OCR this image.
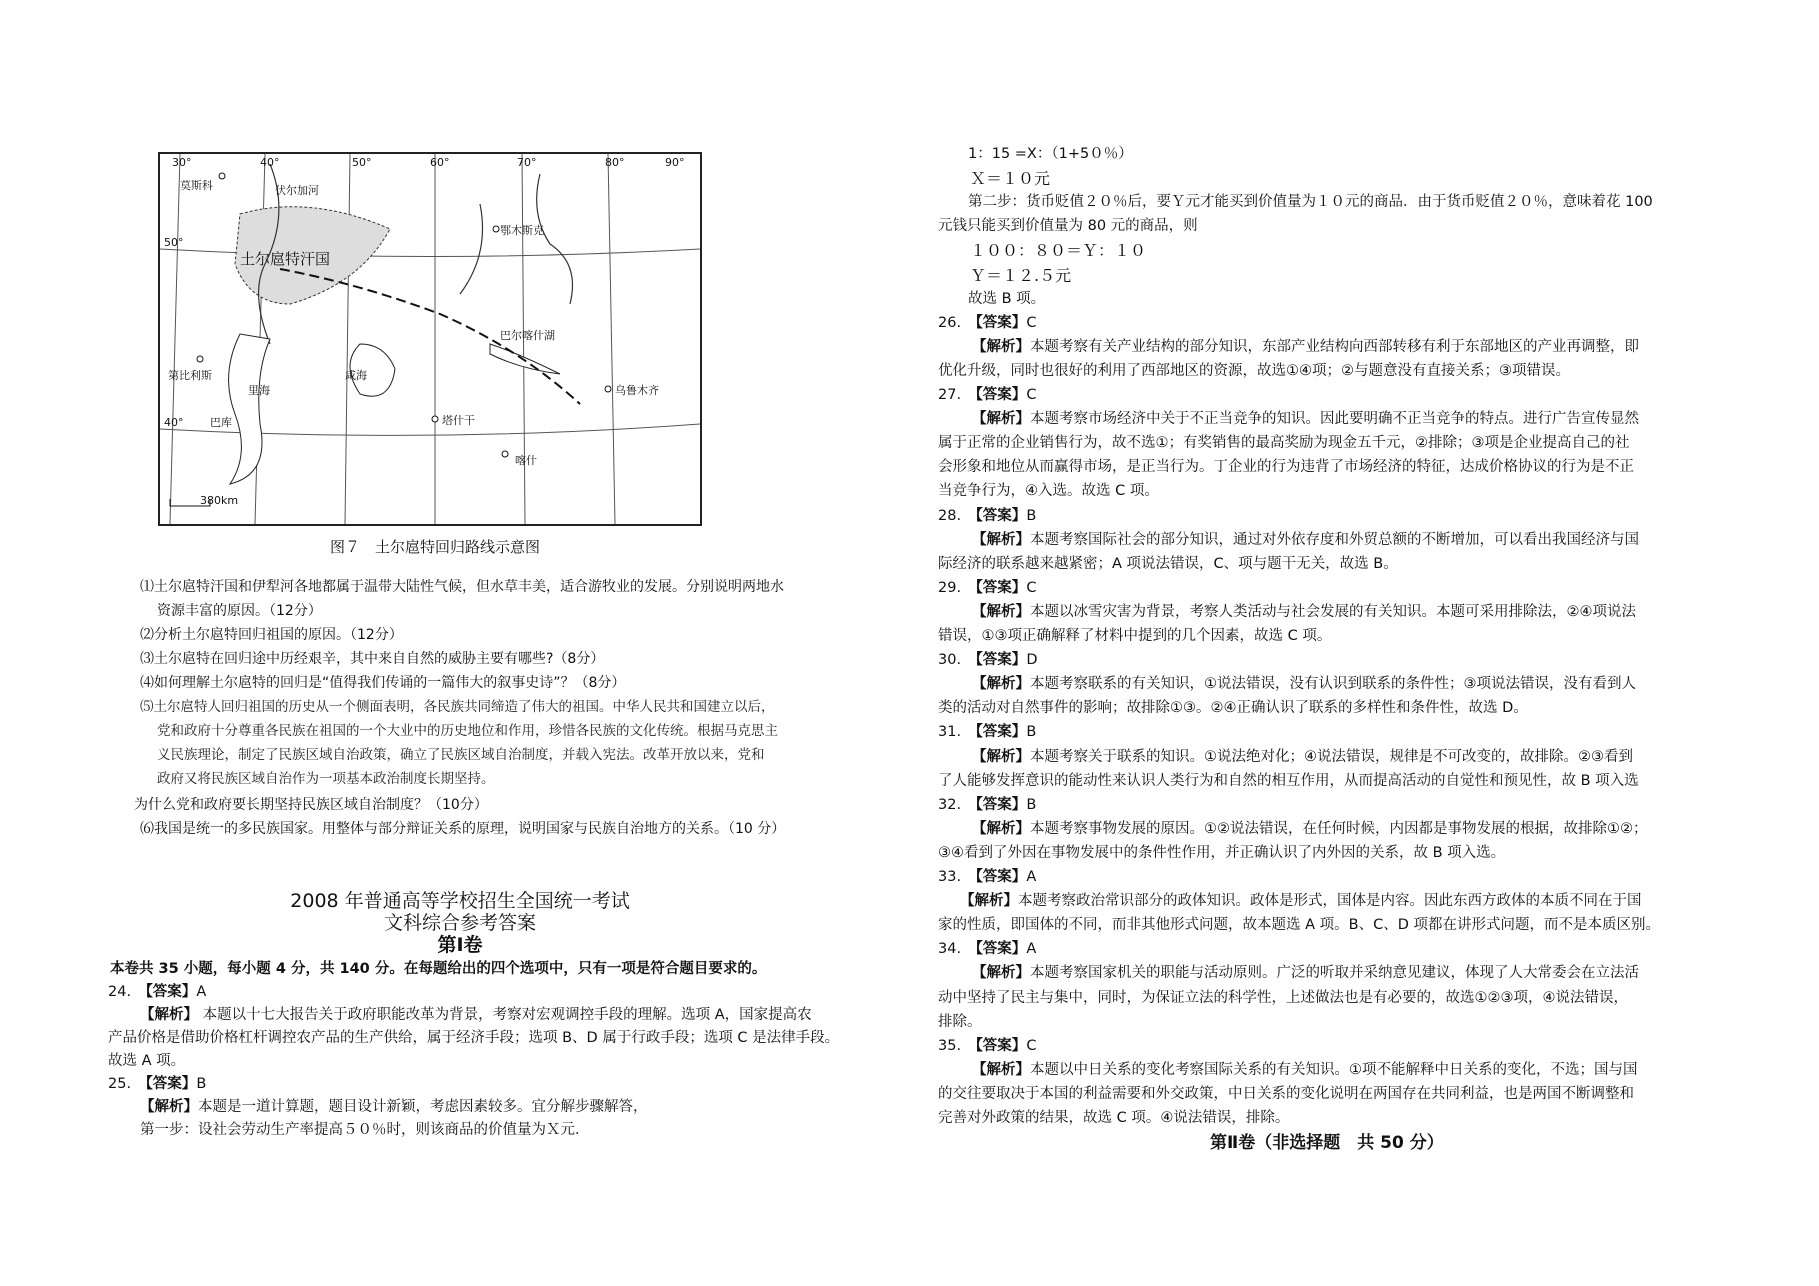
30°	40°	50°	60°	70°	80°	90°
50°
40°
伏尔加河
莫斯科
土尔扈特汗国
鄂木斯克
第比利斯
巴库
里海
咸海
巴尔喀什湖
乌鲁木齐
塔什干
喀什
380km
图７　土尔扈特回归路线示意图
⑴土尔扈特汗国和伊犁河各地都属于温带大陆性气候，但水草丰美，适合游牧业的发展。分别说明两地水
资源丰富的原因。（12分）
⑵分析土尔扈特回归祖国的原因。（12分）
⑶土尔扈特在回归途中历经艰辛，其中来自自然的威胁主要有哪些?（8分）
⑷如何理解土尔扈特的回归是“值得我们传诵的一篇伟大的叙事史诗”？（8分）
⑸土尔扈特人回归祖国的历史从一个侧面表明，各民族共同缔造了伟大的祖国。中华人民共和国建立以后，
党和政府十分尊重各民族在祖国的一个大业中的历史地位和作用，珍惜各民族的文化传统。根据马克思主
义民族理论，制定了民族区域自治政策，确立了民族区域自治制度，并载入宪法。改革开放以来，党和
政府又将民族区域自治作为一项基本政治制度长期坚持。
为什么党和政府要长期坚持民族区域自治制度？（10分）
⑹我国是统一的多民族国家。用整体与部分辩证关系的原理，说明国家与民族自治地方的关系。（10 分）
2008 年普通高等学校招生全国统一考试
文科综合参考答案
第Ⅰ卷
本卷共 35 小题，每小题 4 分，共 140 分。在每题给出的四个选项中，只有一项是符合题目要求的。
24.　 【答案】A
【解析】 本题以十七大报告关于政府职能改革为背景，考察对宏观调控手段的理解。选项 A，国家提高农
产品价格是借助价格杠杆调控农产品的生产供给，属于经济手段；选项 B、D 属于行政手段；选项 C 是法律手段。
故选 A 项。
25.　 【答案】B
【解析】本题是一道计算题，题目设计新颖，考虑因素较多。宜分解步骤解答，
第一步：设社会劳动生产率提高５０％时，则该商品的价值量为Ｘ元．
1：15 =X：（1+5０％）
Ｘ＝１０元
第二步：货币贬值２０％后，要Ｙ元才能买到价值量为１０元的商品．由于货币贬值２０％，意味着花 100
元钱只能买到价值量为 80 元的商品，则
１００：８０＝Ｙ：１０
Ｙ＝１２.５元
故选 B 项。
26.　 【答案】C
【解析】本题考察有关产业结构的部分知识，东部产业结构向西部转移有利于东部地区的产业再调整，即
优化升级，同时也很好的利用了西部地区的资源，故选①④项；②与题意没有直接关系；③项错误。
27.　 【答案】C
【解析】本题考察市场经济中关于不正当竞争的知识。因此要明确不正当竞争的特点。进行广告宣传显然
属于正常的企业销售行为，故不选①；有奖销售的最高奖励为现金五千元，②排除；③项是企业提高自己的社
会形象和地位从而赢得市场，是正当行为。丁企业的行为违背了市场经济的特征，达成价格协议的行为是不正
当竞争行为，④入选。故选 C 项。
28.　 【答案】B
【解析】本题考察国际社会的部分知识，通过对外依存度和外贸总额的不断增加，可以看出我国经济与国
际经济的联系越来越紧密；A 项说法错误，C、项与题干无关，故选 B。
29.　 【答案】C
【解析】本题以冰雪灾害为背景，考察人类活动与社会发展的有关知识。本题可采用排除法，②④项说法
错误，①③项正确解释了材料中提到的几个因素，故选 C 项。
30.　 【答案】D
【解析】本题考察联系的有关知识，①说法错误，没有认识到联系的条件性；③项说法错误，没有看到人
类的活动对自然事件的影响；故排除①③。②④正确认识了联系的多样性和条件性，故选 D。
31.　 【答案】B
【解析】本题考察关于联系的知识。①说法绝对化；④说法错误，规律是不可改变的，故排除。②③看到
了人能够发挥意识的能动性来认识人类行为和自然的相互作用，从而提高活动的自觉性和预见性，故 B 项入选
32.　 【答案】B
【解析】本题考察事物发展的原因。①②说法错误，在任何时候，内因都是事物发展的根据，故排除①②；
③④看到了外因在事物发展中的条件性作用，并正确认识了内外因的关系，故 B 项入选。
33.　 【答案】A
【解析】本题考察政治常识部分的政体知识。政体是形式，国体是内容。因此东西方政体的本质不同在于国
家的性质，即国体的不同，而非其他形式问题，故本题选 A 项。B、C、D 项都在讲形式问题，而不是本质区别。
34.　 【答案】A
【解析】本题考察国家机关的职能与活动原则。广泛的听取并采纳意见建议，体现了人大常委会在立法活
动中坚持了民主与集中，同时，为保证立法的科学性，上述做法也是有必要的，故选①②③项，④说法错误，
排除。
35.　 【答案】C
【解析】本题以中日关系的变化考察国际关系的有关知识。①项不能解释中日关系的变化，不选；国与国
的交往要取决于本国的利益需要和外交政策，中日关系的变化说明在两国存在共同利益，也是两国不断调整和
完善对外政策的结果，故选 C 项。④说法错误，排除。
第Ⅱ卷（非选择题　共 50 分）
